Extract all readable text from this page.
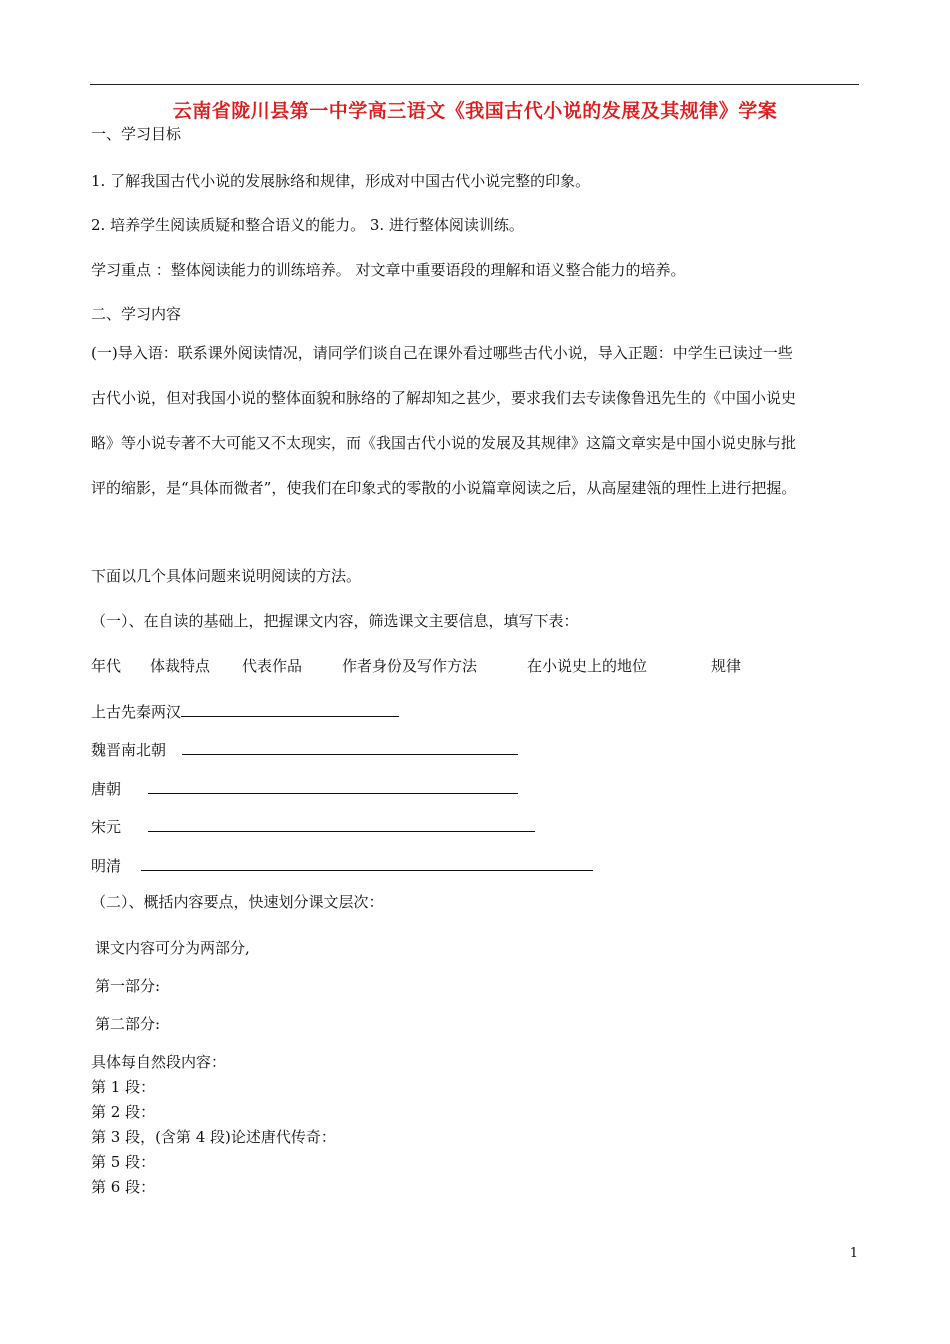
云南省陇川县第一中学高三语文《我国古代小说的发展及其规律》学案
一、学习目标
1. 了解我国古代小说的发展脉络和规律，形成对中国古代小说完整的印象。
2. 培养学生阅读质疑和整合语义的能力。 3. 进行整体阅读训练。
学习重点 ：整体阅读能力的训练培养。 对文章中重要语段的理解和语义整合能力的培养。
二、学习内容
(一)导入语：联系课外阅读情况，请同学们谈自己在课外看过哪些古代小说，导入正题：中学生已读过一些
古代小说，但对我国小说的整体面貌和脉络的了解却知之甚少，要求我们去专读像鲁迅先生的《中国小说史
略》等小说专著不大可能又不太现实，而《我国古代小说的发展及其规律》这篇文章实是中国小说史脉与批
评的缩影，是“具体而微者”，使我们在印象式的零散的小说篇章阅读之后，从高屋建瓴的理性上进行把握。
下面以几个具体问题来说明阅读的方法。
（一）、在自读的基础上，把握课文内容，筛选课文主要信息，填写下表：
年代 体裁特点 代表作品	作者身份及写作方法	在小说史上的地位	规律
上古先秦两汉
魏晋南北朝
唐朝
宋元
明清
（二）、概括内容要点，快速划分课文层次：
课文内容可分为两部分,
第一部分:
第二部分:
具体每自然段内容：
第 1 段：
第 2 段：
第 3 段，(含第 4 段)论述唐代传奇：
第 5 段：
第 6 段：
1
